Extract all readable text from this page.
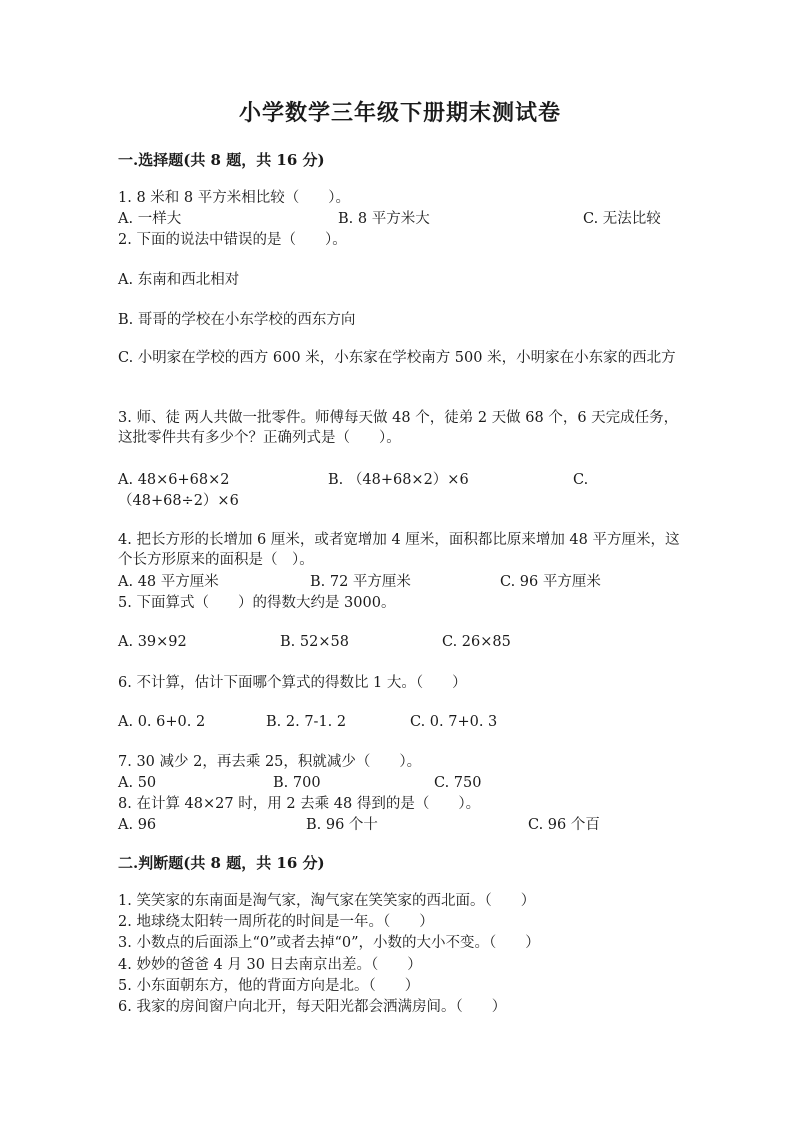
小学数学三年级下册期末测试卷
一.选择题(共 8 题，共 16 分)
1. 8 米和 8 平方米相比较（　　）。
A. 一样大	B. 8 平方米大	C. 无法比较
2. 下面的说法中错误的是（　　）。
A. 东南和西北相对
B. 哥哥的学校在小东学校的西东方向
C. 小明家在学校的西方 600 米，小东家在学校南方 500 米，小明家在小东家的西北方
3. 师、徒 两人共做一批零件。师傅每天做 48 个，徒弟 2 天做 68 个，6 天完成任务，这批零件共有多少个？正确列式是（　　）。
A. 48×6+68×2	B. （48+68×2）×6	C.
（48+68÷2）×6
4. 把长方形的长增加 6 厘米，或者宽增加 4 厘米，面积都比原来增加 48 平方厘米，这个长方形原来的面积是（　）。
A. 48 平方厘米	B. 72 平方厘米	C. 96 平方厘米
5. 下面算式（　　）的得数大约是 3000。
A. 39×92	B. 52×58	C. 26×85
6. 不计算，估计下面哪个算式的得数比 1 大。（　　）
A. 0. 6+0. 2	B. 2. 7-1. 2	C. 0. 7+0. 3
7. 30 减少 2，再去乘 25，积就减少（　　）。
A. 50	B. 700	C. 750
8. 在计算 48×27 时，用 2 去乘 48 得到的是（　　）。
A. 96	B. 96 个十	C. 96 个百
二.判断题(共 8 题，共 16 分)
1. 笑笑家的东南面是淘气家，淘气家在笑笑家的西北面。（　　）
2. 地球绕太阳转一周所花的时间是一年。（　　）
3. 小数点的后面添上“0”或者去掉“0”，小数的大小不变。（　　）
4. 妙妙的爸爸 4 月 30 日去南京出差。（　　）
5. 小东面朝东方，他的背面方向是北。（　　）
6. 我家的房间窗户向北开，每天阳光都会洒满房间。（　　）
